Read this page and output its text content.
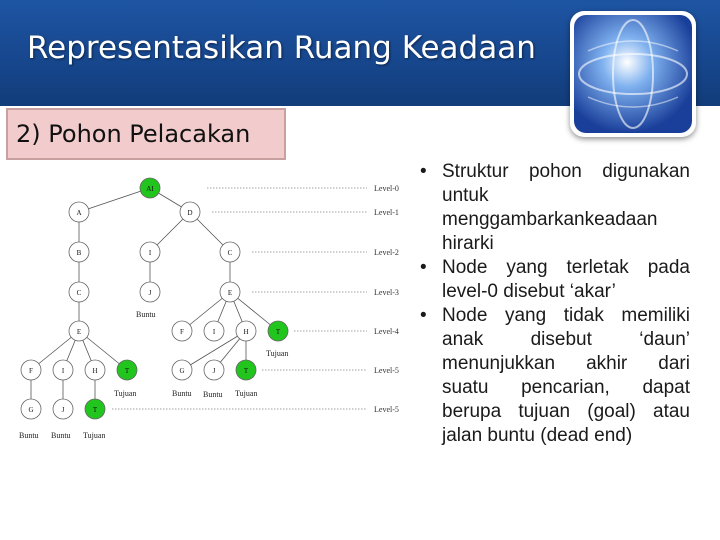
Representasikan Ruang Keadaan
2) Pohon Pelacakan
Level-0
Level-1
Level-2
Level-3
Level-4
Level-5
Level-5
AI
A	D
B	I	C
C	J	E
E	F	I	H	T
F	I	H	T	G	J	T
G	J	T
Buntu
Tujuan
Tujuan	Buntu Buntu Tujuan
Buntu Buntu Tujuan
• Struktur pohon digunakan untuk menggambarkankeadaan hirarki
• Node yang terletak pada level-0 disebut ‘akar’
• Node yang tidak memiliki anak disebut ‘daun’ menunjukkan akhir dari suatu pencarian, dapat berupa tujuan (goal) atau jalan buntu (dead end)
